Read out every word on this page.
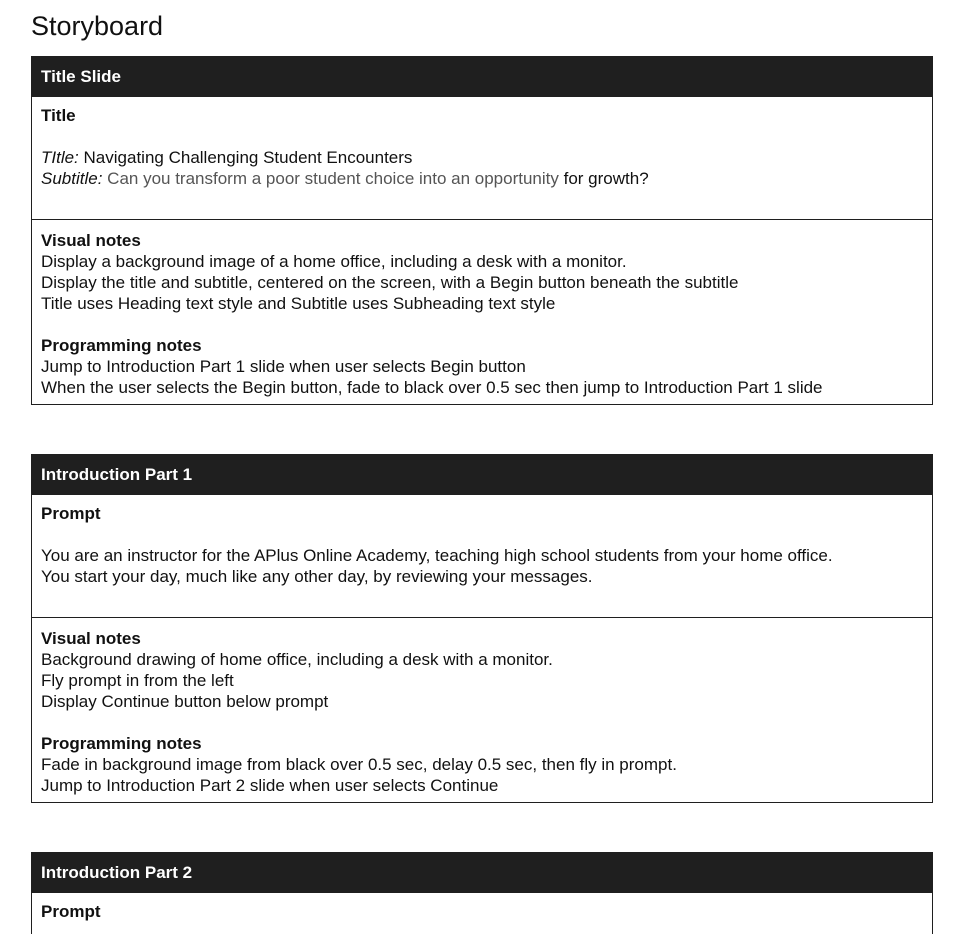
Storyboard
Title Slide
Title
TItle: Navigating Challenging Student Encounters
Subtitle: Can you transform a poor student choice into an opportunity for growth?
Visual notes
Display a background image of a home office, including a desk with a monitor.
Display the title and subtitle, centered on the screen, with a Begin button beneath the subtitle
Title uses Heading text style and Subtitle uses Subheading text style
Programming notes
Jump to Introduction Part 1 slide when user selects Begin button
When the user selects the Begin button, fade to black over 0.5 sec then jump to Introduction Part 1 slide
Introduction Part 1
Prompt
You are an instructor for the APlus Online Academy, teaching high school students from your home office.
You start your day, much like any other day, by reviewing your messages.
Visual notes
Background drawing of home office, including a desk with a monitor.
Fly prompt in from the left
Display Continue button below prompt
Programming notes
Fade in background image from black over 0.5 sec, delay 0.5 sec, then fly in prompt.
Jump to Introduction Part 2 slide when user selects Continue
Introduction Part 2
Prompt
